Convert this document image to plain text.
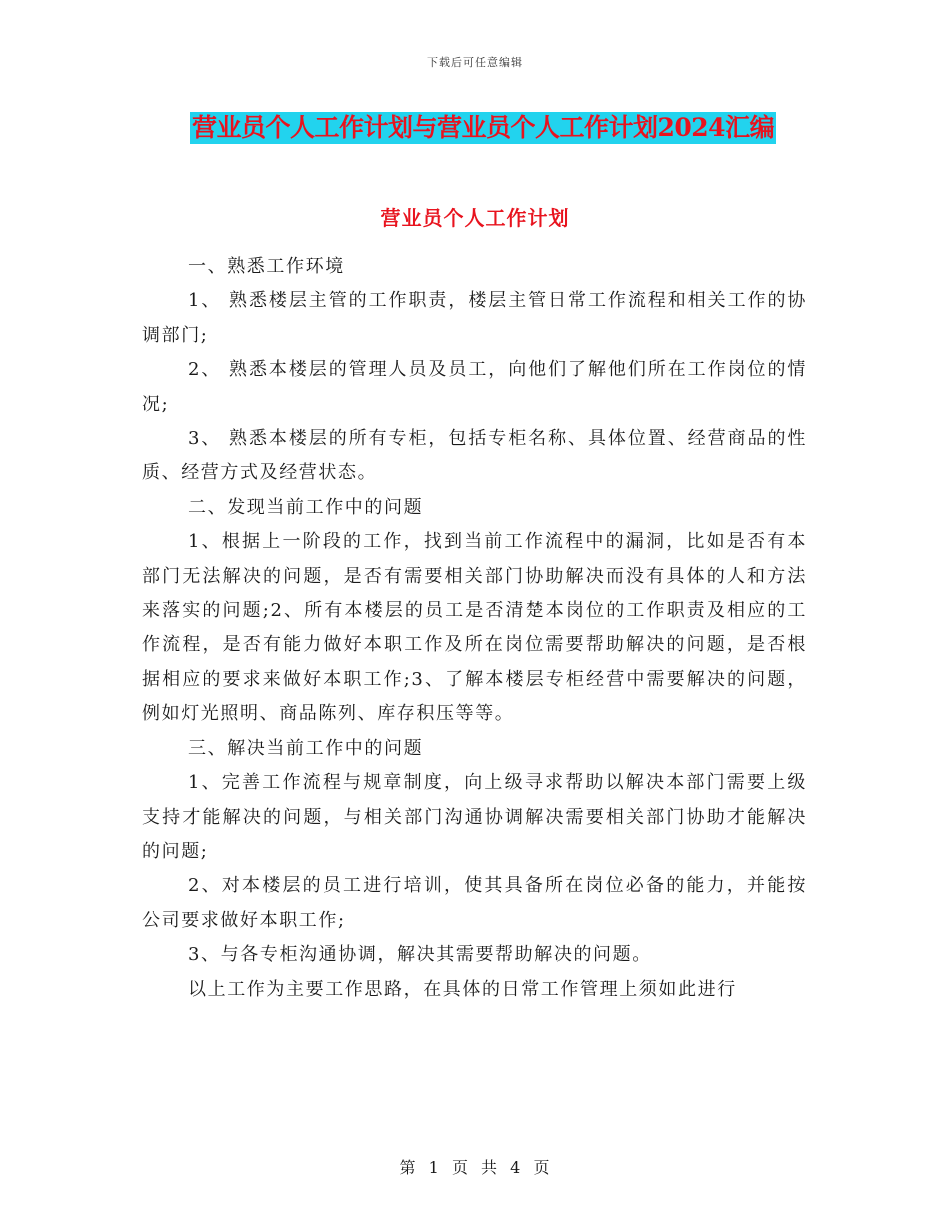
下载后可任意编辑
营业员个人工作计划与营业员个人工作计划2024汇编
营业员个人工作计划

一、熟悉工作环境

1、 熟悉楼层主管的工作职责，楼层主管日常工作流程和相关工作的协调部门;

2、 熟悉本楼层的管理人员及员工，向他们了解他们所在工作岗位的情况;

3、 熟悉本楼层的所有专柜，包括专柜名称、具体位置、经营商品的性质、经营方式及经营状态。

二、发现当前工作中的问题

1、根据上一阶段的工作，找到当前工作流程中的漏洞，比如是否有本部门无法解决的问题，是否有需要相关部门协助解决而没有具体的人和方法来落实的问题;2、所有本楼层的员工是否清楚本岗位的工作职责及相应的工作流程，是否有能力做好本职工作及所在岗位需要帮助解决的问题，是否根据相应的要求来做好本职工作;3、了解本楼层专柜经营中需要解决的问题，例如灯光照明、商品陈列、库存积压等等。

三、解决当前工作中的问题

1、完善工作流程与规章制度，向上级寻求帮助以解决本部门需要上级支持才能解决的问题，与相关部门沟通协调解决需要相关部门协助才能解决的问题;

2、对本楼层的员工进行培训，使其具备所在岗位必备的能力，并能按公司要求做好本职工作;

3、与各专柜沟通协调，解决其需要帮助解决的问题。

以上工作为主要工作思路，在具体的日常工作管理上须如此进行

第 1 页 共 4 页
